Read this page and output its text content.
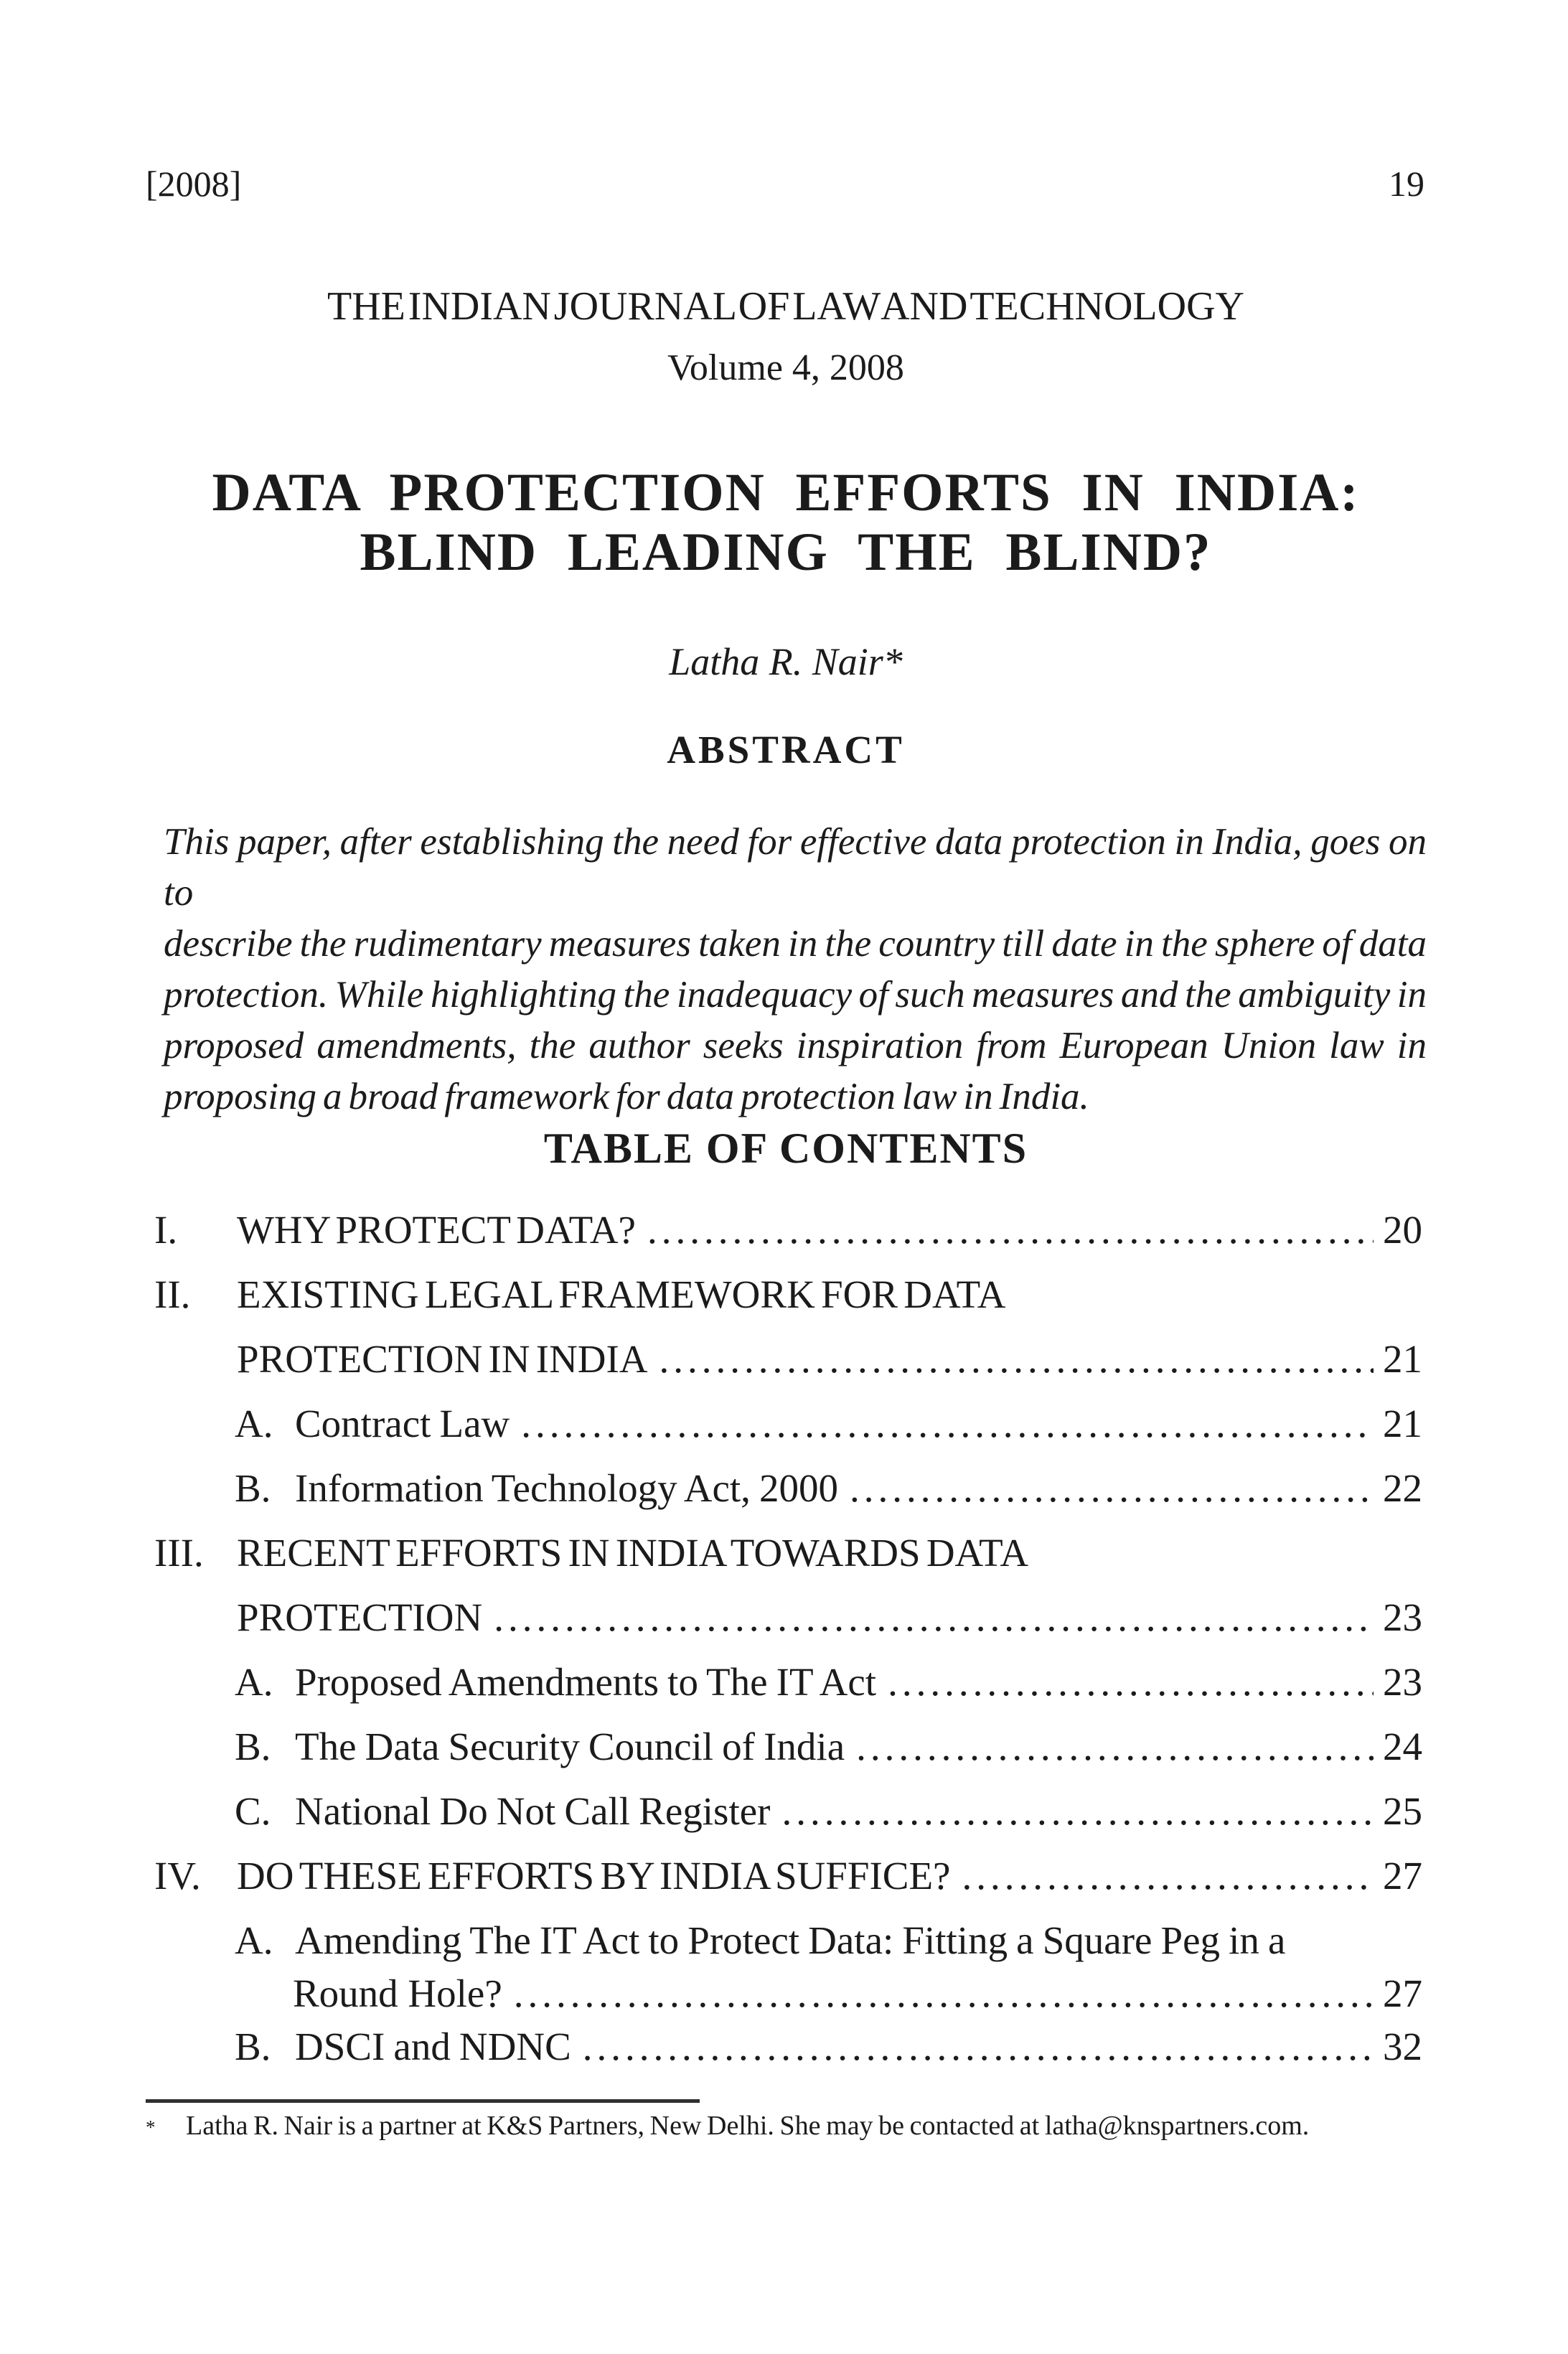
[2008]	19
THE INDIAN JOURNAL OF LAW AND TECHNOLOGY
Volume 4, 2008
DATA PROTECTION EFFORTS IN INDIA:
BLIND LEADING THE BLIND?
Latha R. Nair*
ABSTRACT
This paper, after establishing the need for effective data protection in India, goes on to
describe the rudimentary measures taken in the country till date in the sphere of data
protection. While highlighting the inadequacy of such measures and the ambiguity in
proposed amendments, the author seeks inspiration from European Union law in
proposing a broad framework for data protection law in India.
TABLE OF CONTENTS
I.	WHY PROTECT DATA? .....	20
II.	EXISTING LEGAL FRAMEWORK FOR DATA
PROTECTION IN INDIA .....	21
A. Contract Law .....	21
B. Information Technology Act, 2000 .....	22
III. RECENT EFFORTS IN INDIA TOWARDS DATA
PROTECTION .....	23
A. Proposed Amendments to The IT Act .....	23
B. The Data Security Council of India .....	24
C. National Do Not Call Register .....	25
IV. DO THESE EFFORTS BY INDIA SUFFICE? .....	27
A. Amending The IT Act to Protect Data: Fitting a Square Peg in a
Round Hole? .....	27
B. DSCI and NDNC .....	32
*	Latha R. Nair is a partner at K&S Partners, New Delhi. She may be contacted at latha@knspartners.com.
